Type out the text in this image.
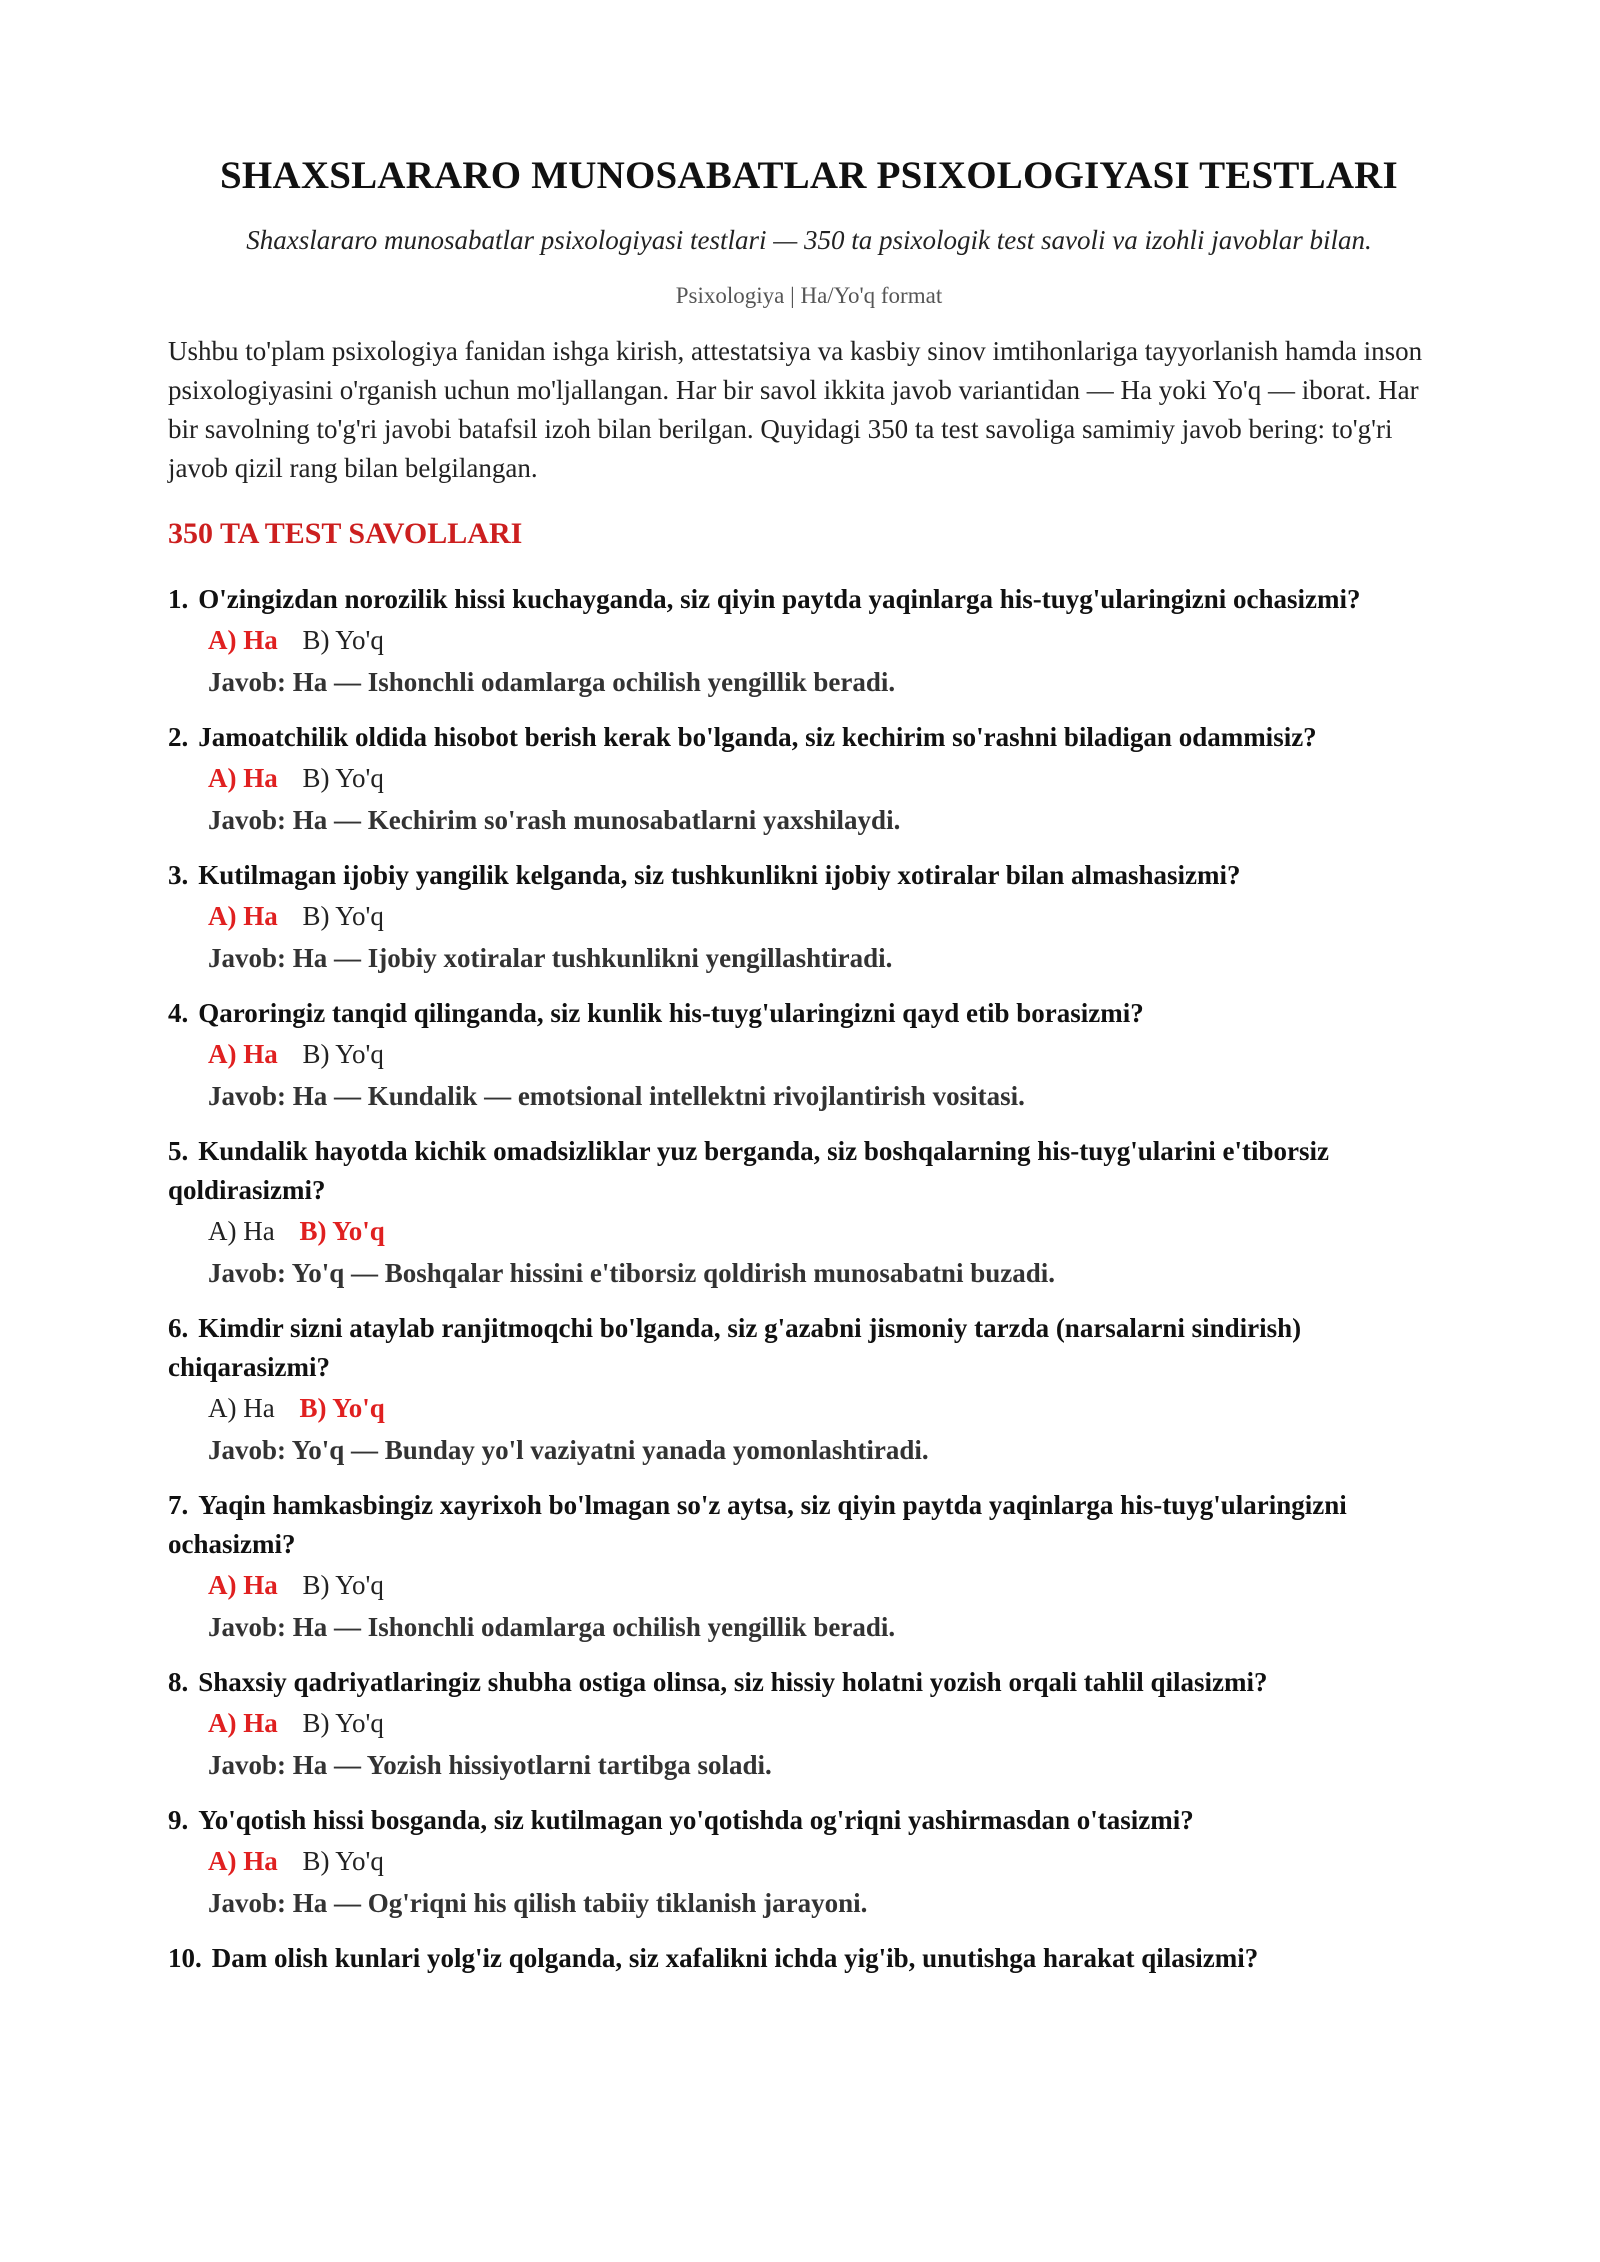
SHAXSLARARO MUNOSABATLAR PSIXOLOGIYASI TESTLARI

Shaxslararo munosabatlar psixologiyasi testlari — 350 ta psixologik test savoli va izohli javoblar bilan.

Psixologiya | Ha/Yo'q format

Ushbu to'plam psixologiya fanidan ishga kirish, attestatsiya va kasbiy sinov imtihonlariga tayyorlanish hamda inson psixologiyasini o'rganish uchun mo'ljallangan. Har bir savol ikkita javob variantidan — Ha yoki Yo'q — iborat. Har bir savolning to'g'ri javobi batafsil izoh bilan berilgan. Quyidagi 350 ta test savoliga samimiy javob bering: to'g'ri javob qizil rang bilan belgilangan.

350 TA TEST SAVOLLARI
1. O'zingizdan norozilik hissi kuchayganda, siz qiyin paytda yaqinlarga his-tuyg'ularingizni ochasizmi?
A) Ha B) Yo'q
Javob: Ha — Ishonchli odamlarga ochilish yengillik beradi.
2. Jamoatchilik oldida hisobot berish kerak bo'lganda, siz kechirim so'rashni biladigan odammisiz?
A) Ha B) Yo'q
Javob: Ha — Kechirim so'rash munosabatlarni yaxshilaydi.
3. Kutilmagan ijobiy yangilik kelganda, siz tushkunlikni ijobiy xotiralar bilan almashasizmi?
A) Ha B) Yo'q
Javob: Ha — Ijobiy xotiralar tushkunlikni yengillashtiradi.
4. Qaroringiz tanqid qilinganda, siz kunlik his-tuyg'ularingizni qayd etib borasizmi?
A) Ha B) Yo'q
Javob: Ha — Kundalik — emotsional intellektni rivojlantirish vositasi.
5. Kundalik hayotda kichik omadsizliklar yuz berganda, siz boshqalarning his-tuyg'ularini e'tiborsiz qoldirasizmi?
A) Ha B) Yo'q
Javob: Yo'q — Boshqalar hissini e'tiborsiz qoldirish munosabatni buzadi.
6. Kimdir sizni ataylab ranjitmoqchi bo'lganda, siz g'azabni jismoniy tarzda (narsalarni sindirish) chiqarasizmi?
A) Ha B) Yo'q
Javob: Yo'q — Bunday yo'l vaziyatni yanada yomonlashtiradi.
7. Yaqin hamkasbingiz xayrixoh bo'lmagan so'z aytsa, siz qiyin paytda yaqinlarga his-tuyg'ularingizni ochasizmi?
A) Ha B) Yo'q
Javob: Ha — Ishonchli odamlarga ochilish yengillik beradi.
8. Shaxsiy qadriyatlaringiz shubha ostiga olinsa, siz hissiy holatni yozish orqali tahlil qilasizmi?
A) Ha B) Yo'q
Javob: Ha — Yozish hissiyotlarni tartibga soladi.
9. Yo'qotish hissi bosganda, siz kutilmagan yo'qotishda og'riqni yashirmasdan o'tasizmi?
A) Ha B) Yo'q
Javob: Ha — Og'riqni his qilish tabiiy tiklanish jarayoni.
10. Dam olish kunlari yolg'iz qolganda, siz xafalikni ichda yig'ib, unutishga harakat qilasizmi?
